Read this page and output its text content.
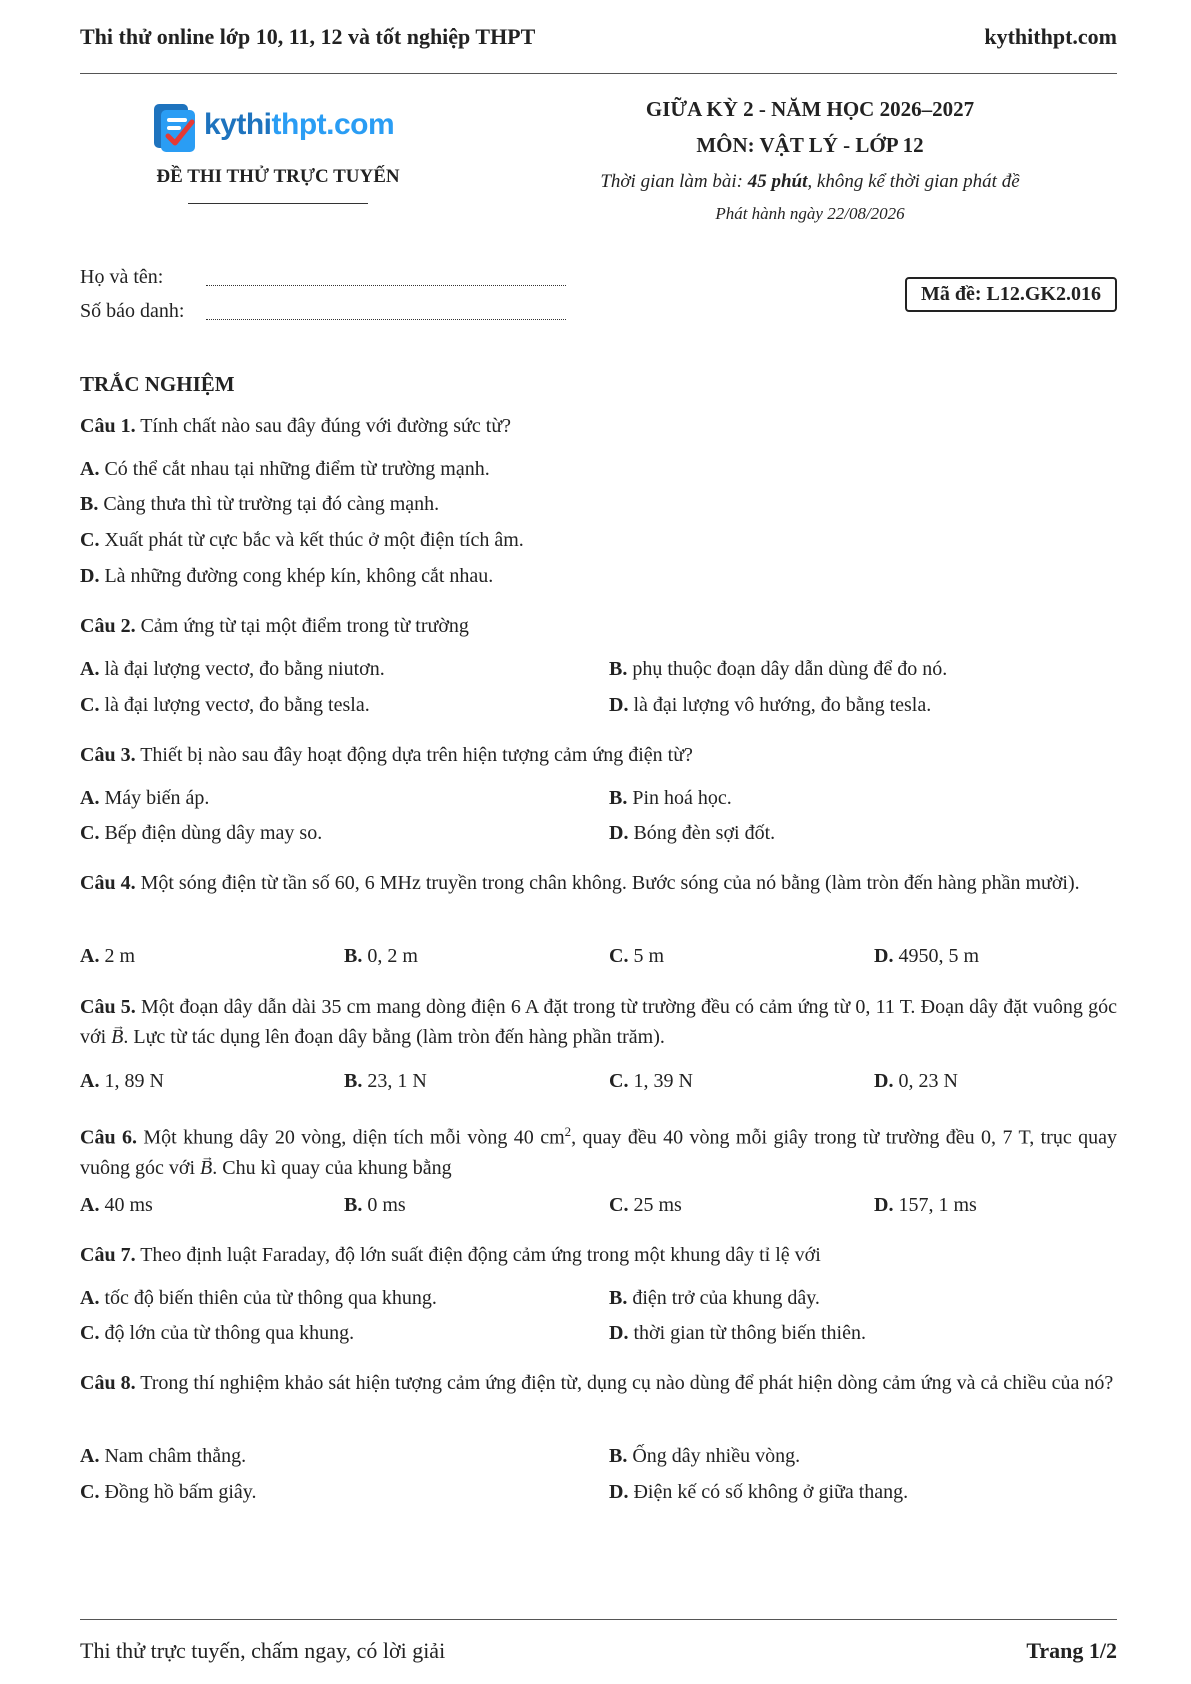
Thi thử online lớp 10, 11, 12 và tốt nghiệp THPT	kythithpt.com
kythithpt.com
ĐỀ THI THỬ TRỰC TUYẾN
GIỮA KỲ 2 - NĂM HỌC 2026–2027
MÔN: VẬT LÝ - LỚP 12
Thời gian làm bài: 45 phút, không kể thời gian phát đề
Phát hành ngày 22/08/2026
Họ và tên:
Số báo danh:
Mã đề: L12.GK2.016
TRẮC NGHIỆM
Câu 1. Tính chất nào sau đây đúng với đường sức từ?
A. Có thể cắt nhau tại những điểm từ trường mạnh.
B. Càng thưa thì từ trường tại đó càng mạnh.
C. Xuất phát từ cực bắc và kết thúc ở một điện tích âm.
D. Là những đường cong khép kín, không cắt nhau.
Câu 2. Cảm ứng từ tại một điểm trong từ trường
A. là đại lượng vectơ, đo bằng niutơn.	B. phụ thuộc đoạn dây dẫn dùng để đo nó.
C. là đại lượng vectơ, đo bằng tesla.	D. là đại lượng vô hướng, đo bằng tesla.
Câu 3. Thiết bị nào sau đây hoạt động dựa trên hiện tượng cảm ứng điện từ?
A. Máy biến áp.	B. Pin hoá học.
C. Bếp điện dùng dây may so.	D. Bóng đèn sợi đốt.
Câu 4. Một sóng điện từ tần số 60, 6 MHz truyền trong chân không. Bước sóng của nó bằng (làm tròn đến hàng phần mười).
A. 2 m	B. 0, 2 m	C. 5 m	D. 4950, 5 m
Câu 5. Một đoạn dây dẫn dài 35 cm mang dòng điện 6 A đặt trong từ trường đều có cảm ứng từ 0, 11 T. Đoạn dây đặt vuông góc với → B. Lực từ tác dụng lên đoạn dây bằng (làm tròn đến hàng phần trăm).
A. 1, 89 N	B. 23, 1 N	C. 1, 39 N	D. 0, 23 N
Câu 6. Một khung dây 20 vòng, diện tích mỗi vòng 40 $cm^2$, quay đều 40 vòng mỗi giây trong từ trường đều 0, 7 T, trục quay vuông góc với → B. Chu kì quay của khung bằng
A. 40 ms	B. 0 ms	C. 25 ms	D. 157, 1 ms
Câu 7. Theo định luật Faraday, độ lớn suất điện động cảm ứng trong một khung dây tỉ lệ với
A. tốc độ biến thiên của từ thông qua khung.	B. điện trở của khung dây.
C. độ lớn của từ thông qua khung.	D. thời gian từ thông biến thiên.
Câu 8. Trong thí nghiệm khảo sát hiện tượng cảm ứng điện từ, dụng cụ nào dùng để phát hiện dòng cảm ứng và cả chiều của nó?
A. Nam châm thẳng.	B. Ống dây nhiều vòng.
C. Đồng hồ bấm giây.	D. Điện kế có số không ở giữa thang.
Thi thử trực tuyến, chấm ngay, có lời giải	Trang 1/2
